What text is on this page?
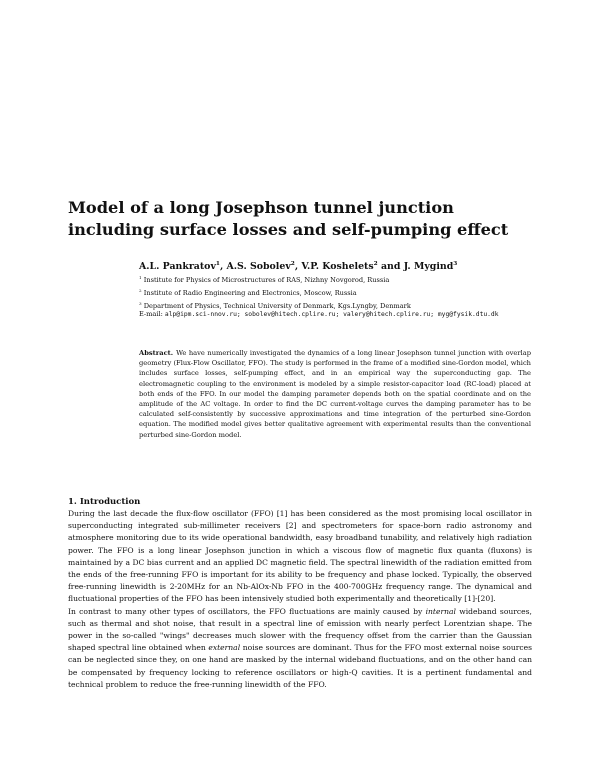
Model of a long Josephson tunnel junction including surface losses and self-pumping effect
A.L. Pankratov$^1$, A.S. Sobolev$^2$, V.P. Koshelets$^2$ and J. Mygind$^3$
$^1$ Institute for Physics of Microstructures of RAS, Nizhny Novgorod, Russia
$^2$ Institute of Radio Engineering and Electronics, Moscow, Russia
$^3$ Department of Physics, Technical University of Denmark, Kgs.Lyngby, Denmark
E-mail: alp@ipm.sci-nnov.ru; sobolev@hitech.cplire.ru; valery@hitech.cplire.ru; myg@fysik.dtu.dk

Abstract. We have numerically investigated the dynamics of a long linear Josephson tunnel junction with overlap geometry (Flux-Flow Oscillator, FFO). The study is performed in the frame of a modified sine-Gordon model, which includes surface losses, self-pumping effect, and in an empirical way the superconducting gap. The electromagnetic coupling to the environment is modeled by a simple resistor-capacitor load (RC-load) placed at both ends of the FFO. In our model the damping parameter depends both on the spatial coordinate and on the amplitude of the AC voltage. In order to find the DC current-voltage curves the damping parameter has to be calculated self-consistently by successive approximations and time integration of the perturbed sine-Gordon equation. The modified model gives better qualitative agreement with experimental results than the conventional perturbed sine-Gordon model.

1. Introduction

During the last decade the flux-flow oscillator (FFO) [1] has been considered as the most promising local oscillator in superconducting integrated sub-millimeter receivers [2] and spectrometers for space-born radio astronomy and atmosphere monitoring due to its wide operational bandwidth, easy broadband tunability, and relatively high radiation power. The FFO is a long linear Josephson junction in which a viscous flow of magnetic flux quanta (fluxons) is maintained by a DC bias current and an applied DC magnetic field. The spectral linewidth of the radiation emitted from the ends of the free-running FFO is important for its ability to be frequency and phase locked. Typically, the observed free-running linewidth is 2-20MHz for an Nb-AlOx-Nb FFO in the 400-700GHz frequency range. The dynamical and fluctuational properties of the FFO has been intensively studied both experimentally and theoretically [1]-[20].
In contrast to many other types of oscillators, the FFO fluctuations are mainly caused by internal wideband sources, such as thermal and shot noise, that result in a spectral line of emission with nearly perfect Lorentzian shape. The power in the so-called "wings" decreases much slower with the frequency offset from the carrier than the Gaussian shaped spectral line obtained when external noise sources are dominant. Thus for the FFO most external noise sources can be neglected since they, on one hand are masked by the internal wideband fluctuations, and on the other hand can be compensated by frequency locking to reference oscillators or high-Q cavities. It is a pertinent fundamental and technical problem to reduce the free-running linewidth of the FFO.
